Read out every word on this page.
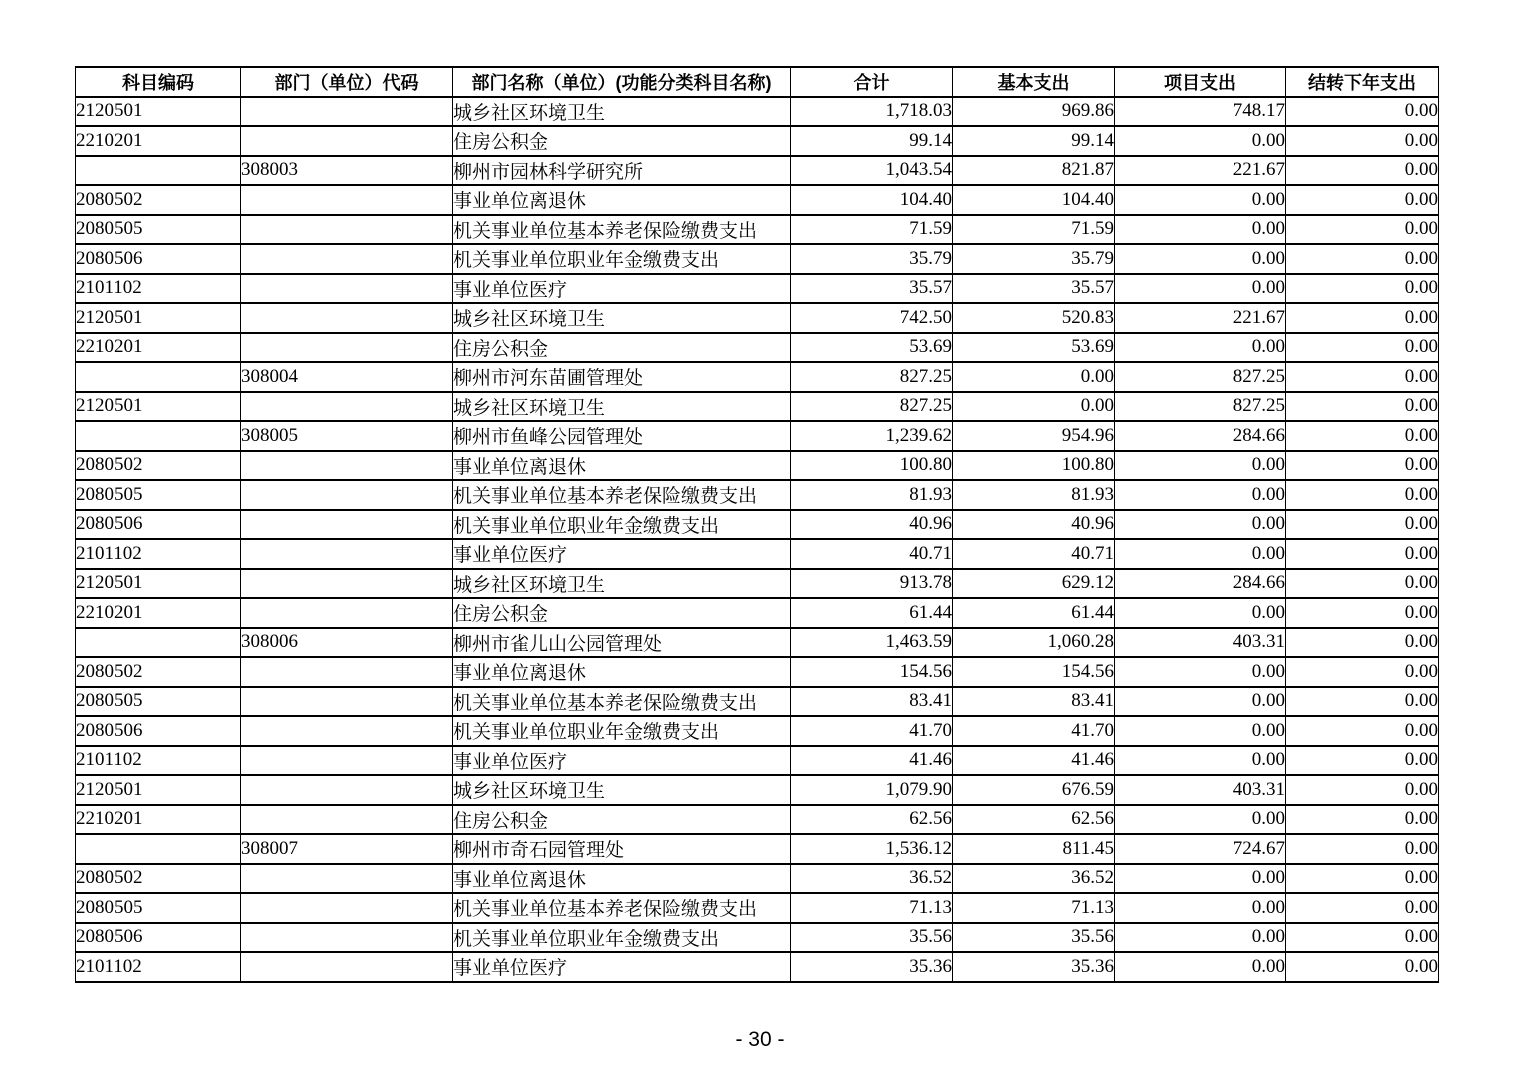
科目编码	部门（单位）代码	部门名称（单位）(功能分类科目名称)	合计	基本支出	项目支出	结转下年支出
2120501		城乡社区环境卫生	1,718.03	969.86	748.17	0.00
2210201		住房公积金	99.14	99.14	0.00	0.00
	308003	柳州市园林科学研究所	1,043.54	821.87	221.67	0.00
2080502		事业单位离退休	104.40	104.40	0.00	0.00
2080505		机关事业单位基本养老保险缴费支出	71.59	71.59	0.00	0.00
2080506		机关事业单位职业年金缴费支出	35.79	35.79	0.00	0.00
2101102		事业单位医疗	35.57	35.57	0.00	0.00
2120501		城乡社区环境卫生	742.50	520.83	221.67	0.00
2210201		住房公积金	53.69	53.69	0.00	0.00
	308004	柳州市河东苗圃管理处	827.25	0.00	827.25	0.00
2120501		城乡社区环境卫生	827.25	0.00	827.25	0.00
	308005	柳州市鱼峰公园管理处	1,239.62	954.96	284.66	0.00
2080502		事业单位离退休	100.80	100.80	0.00	0.00
2080505		机关事业单位基本养老保险缴费支出	81.93	81.93	0.00	0.00
2080506		机关事业单位职业年金缴费支出	40.96	40.96	0.00	0.00
2101102		事业单位医疗	40.71	40.71	0.00	0.00
2120501		城乡社区环境卫生	913.78	629.12	284.66	0.00
2210201		住房公积金	61.44	61.44	0.00	0.00
	308006	柳州市雀儿山公园管理处	1,463.59	1,060.28	403.31	0.00
2080502		事业单位离退休	154.56	154.56	0.00	0.00
2080505		机关事业单位基本养老保险缴费支出	83.41	83.41	0.00	0.00
2080506		机关事业单位职业年金缴费支出	41.70	41.70	0.00	0.00
2101102		事业单位医疗	41.46	41.46	0.00	0.00
2120501		城乡社区环境卫生	1,079.90	676.59	403.31	0.00
2210201		住房公积金	62.56	62.56	0.00	0.00
	308007	柳州市奇石园管理处	1,536.12	811.45	724.67	0.00
2080502		事业单位离退休	36.52	36.52	0.00	0.00
2080505		机关事业单位基本养老保险缴费支出	71.13	71.13	0.00	0.00
2080506		机关事业单位职业年金缴费支出	35.56	35.56	0.00	0.00
2101102		事业单位医疗	35.36	35.36	0.00	0.00
- 30 -
